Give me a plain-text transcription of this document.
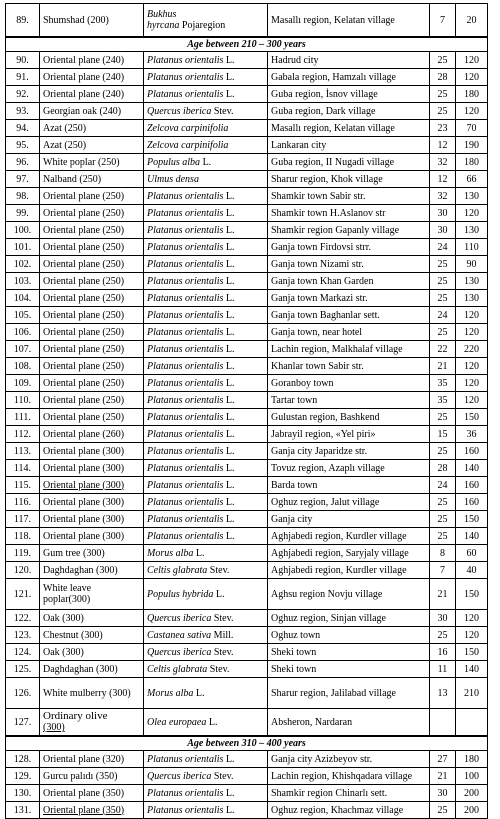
89.	Shumshad (200)	Bukhus
hyrcana Pojaregion	Masallı region, Kelatan village	7	20
Age between 210 – 300 years					
90.	Oriental plane (240)	Platanus orientalis L.	Hadrud city	25	120
91.	Oriental plane (240)	Platanus orientalis L.	Gabala region, Hamzalı village	28	120
92.	Oriental plane (240)	Platanus orientalis L.	Guba region, İsnov village	25	180
93.	Georgian oak (240)	Quercus iberica Stev.	Guba region, Dark village	25	120
94.	Azat (250)	Zelcova carpinifolia	Masallı region, Kelatan village	23	70
95.	Azat (250)	Zelcova carpinifolia	Lankaran city	12	190
96.	White poplar (250)	Populus alba L.	Guba region, II Nugadi village	32	180
97.	Nalband (250)	Ulmus densa	Sharur region, Khok village	12	66
98.	Oriental plane (250)	Platanus orientalis L.	Shamkir town Sabir str.	32	130
99.	Oriental plane (250)	Platanus orientalis L.	Shamkir town H.Aslanov str	30	120
100.	Oriental plane (250)	Platanus orientalis L.	Shamkir region Gapanly village	30	130
101.	Oriental plane (250)	Platanus orientalis L.	Ganja town Firdovsi strr.	24	110
102.	Oriental plane (250)	Platanus orientalis L.	Ganja town Nizami str.	25	90
103.	Oriental plane (250)	Platanus orientalis L.	Ganja town Khan Garden	25	130
104.	Oriental plane (250)	Platanus orientalis L.	Ganja town Markazi str.	25	130
105.	Oriental plane (250)	Platanus orientalis L.	Ganja town Baghanlar sett.	24	120
106.	Oriental plane (250)	Platanus orientalis L.	Ganja town, near hotel	25	120
107.	Oriental plane (250)	Platanus orientalis L.	Lachin region, Malkhalaf village	22	220
108.	Oriental plane (250)	Platanus orientalis L.	Khanlar town Sabir str.	21	120
109.	Oriental plane (250)	Platanus orientalis L.	Goranboy town	35	120
110.	Oriental plane (250)	Platanus orientalis L.	Tartar town	35	120
111.	Oriental plane (250)	Platanus orientalis L.	Gulustan region, Bashkend	25	150
112.	Oriental plane (260)	Platanus orientalis L.	Jabrayil region, «Yel piri»	15	36
113.	Oriental plane (300)	Platanus orientalis L.	Ganja city Japaridze str.	25	160
114.	Oriental plane (300)	Platanus orientalis L.	Tovuz region, Azaplı village	28	140
115.	Oriental plane (300)	Platanus orientalis L.	Barda town	24	160
116.	Oriental plane (300)	Platanus orientalis L.	Oghuz region, Jalut village	25	160
117.	Oriental plane (300)	Platanus orientalis L.	Ganja city	25	150
118.	Oriental plane (300)	Platanus orientalis L.	Aghjabedi region, Kurdler village	25	140
119.	Gum tree (300)	Morus alba L.	Aghjabedi region, Saryjaly village	8	60
120.	Daghdaghan (300)	Celtis glabrata Stev.	Aghjabedi region, Kurdler village	7	40
121.	White leave poplar(300)	Populus hybrida L.	Aghsu region Novju village	21	150
122.	Oak (300)	Quercus iberica Stev.	Oghuz region, Sinjan village	30	120
123.	Chestnut (300)	Castanea sativa Mill.	Oghuz town	25	120
124.	Oak (300)	Quercus iberica Stev.	Sheki town	16	150
125.	Daghdaghan (300)	Celtis glabrata Stev.	Sheki town	11	140
126.	White mulberry (300)	Morus alba L.	Sharur region, Jalilabad village	13	210
127.	Ordinary olive
(300)	Olea europaea L.	Absheron, Nardaran		
Age between 310 – 400 years					
128.	Oriental plane (320)	Platanus orientalis L.	Ganja city Azizbeyov str.	27	180
129.	Gurcu palıdı (350)	Quercus iberica Stev.	Lachin region, Khishqadara village	21	100
130.	Oriental plane (350)	Platanus orientalis L.	Shamkir region Chinarlı sett.	30	200
131.	Oriental plane (350)	Platanus orientalis L.	Oghuz region, Khachmaz village	25	200
